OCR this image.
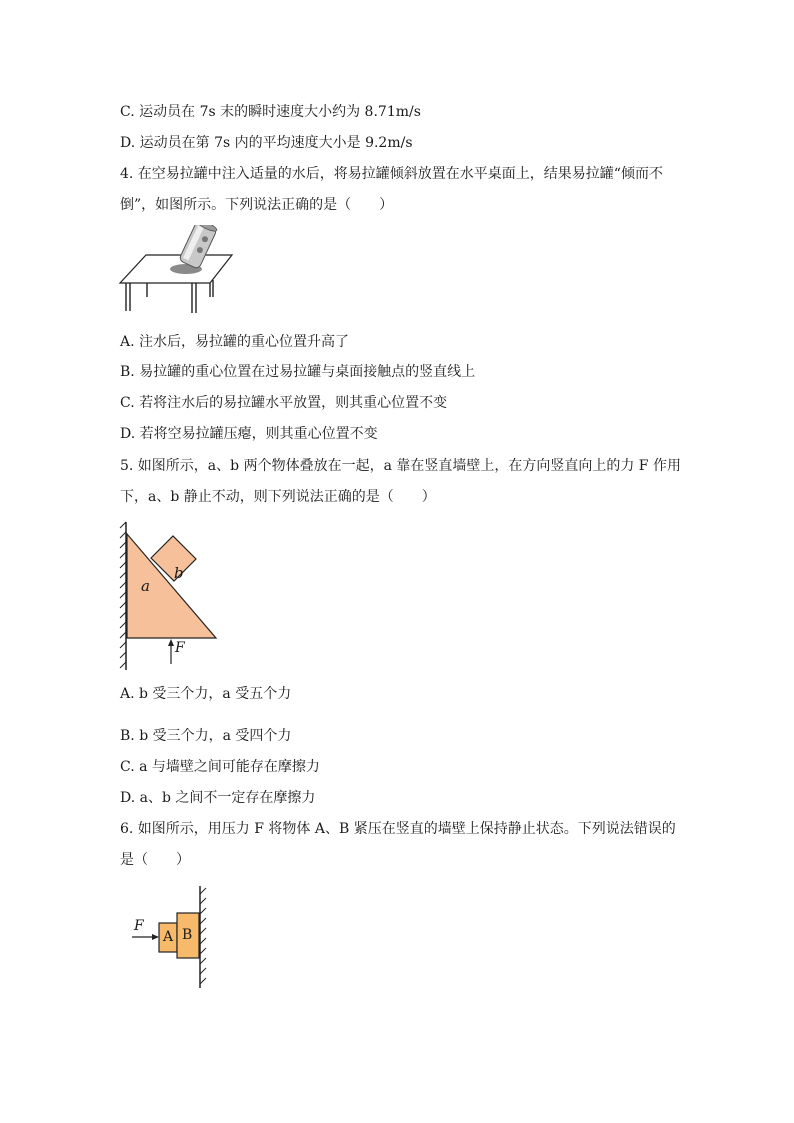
C. 运动员在 7s 末的瞬时速度大小约为 8.71m/s
D. 运动员在第 7s 内的平均速度大小是 9.2m/s
4. 在空易拉罐中注入适量的水后，将易拉罐倾斜放置在水平桌面上，结果易拉罐“倾而不
倒”，如图所示。下列说法正确的是（　　）
A. 注水后，易拉罐的重心位置升高了
B. 易拉罐的重心位置在过易拉罐与桌面接触点的竖直线上
C. 若将注水后的易拉罐水平放置，则其重心位置不变
D. 若将空易拉罐压瘪，则其重心位置不变
5. 如图所示，a、b 两个物体叠放在一起，a 靠在竖直墙壁上，在方向竖直向上的力 F 作用
下，a、b 静止不动，则下列说法正确的是（　　）
a
b
F
A. b 受三个力，a 受五个力
B. b 受三个力，a 受四个力
C. a 与墙壁之间可能存在摩擦力
D. a、b 之间不一定存在摩擦力
6. 如图所示，用压力 F 将物体 A、B 紧压在竖直的墙壁上保持静止状态。下列说法错误的
是（　　）
F
A B
